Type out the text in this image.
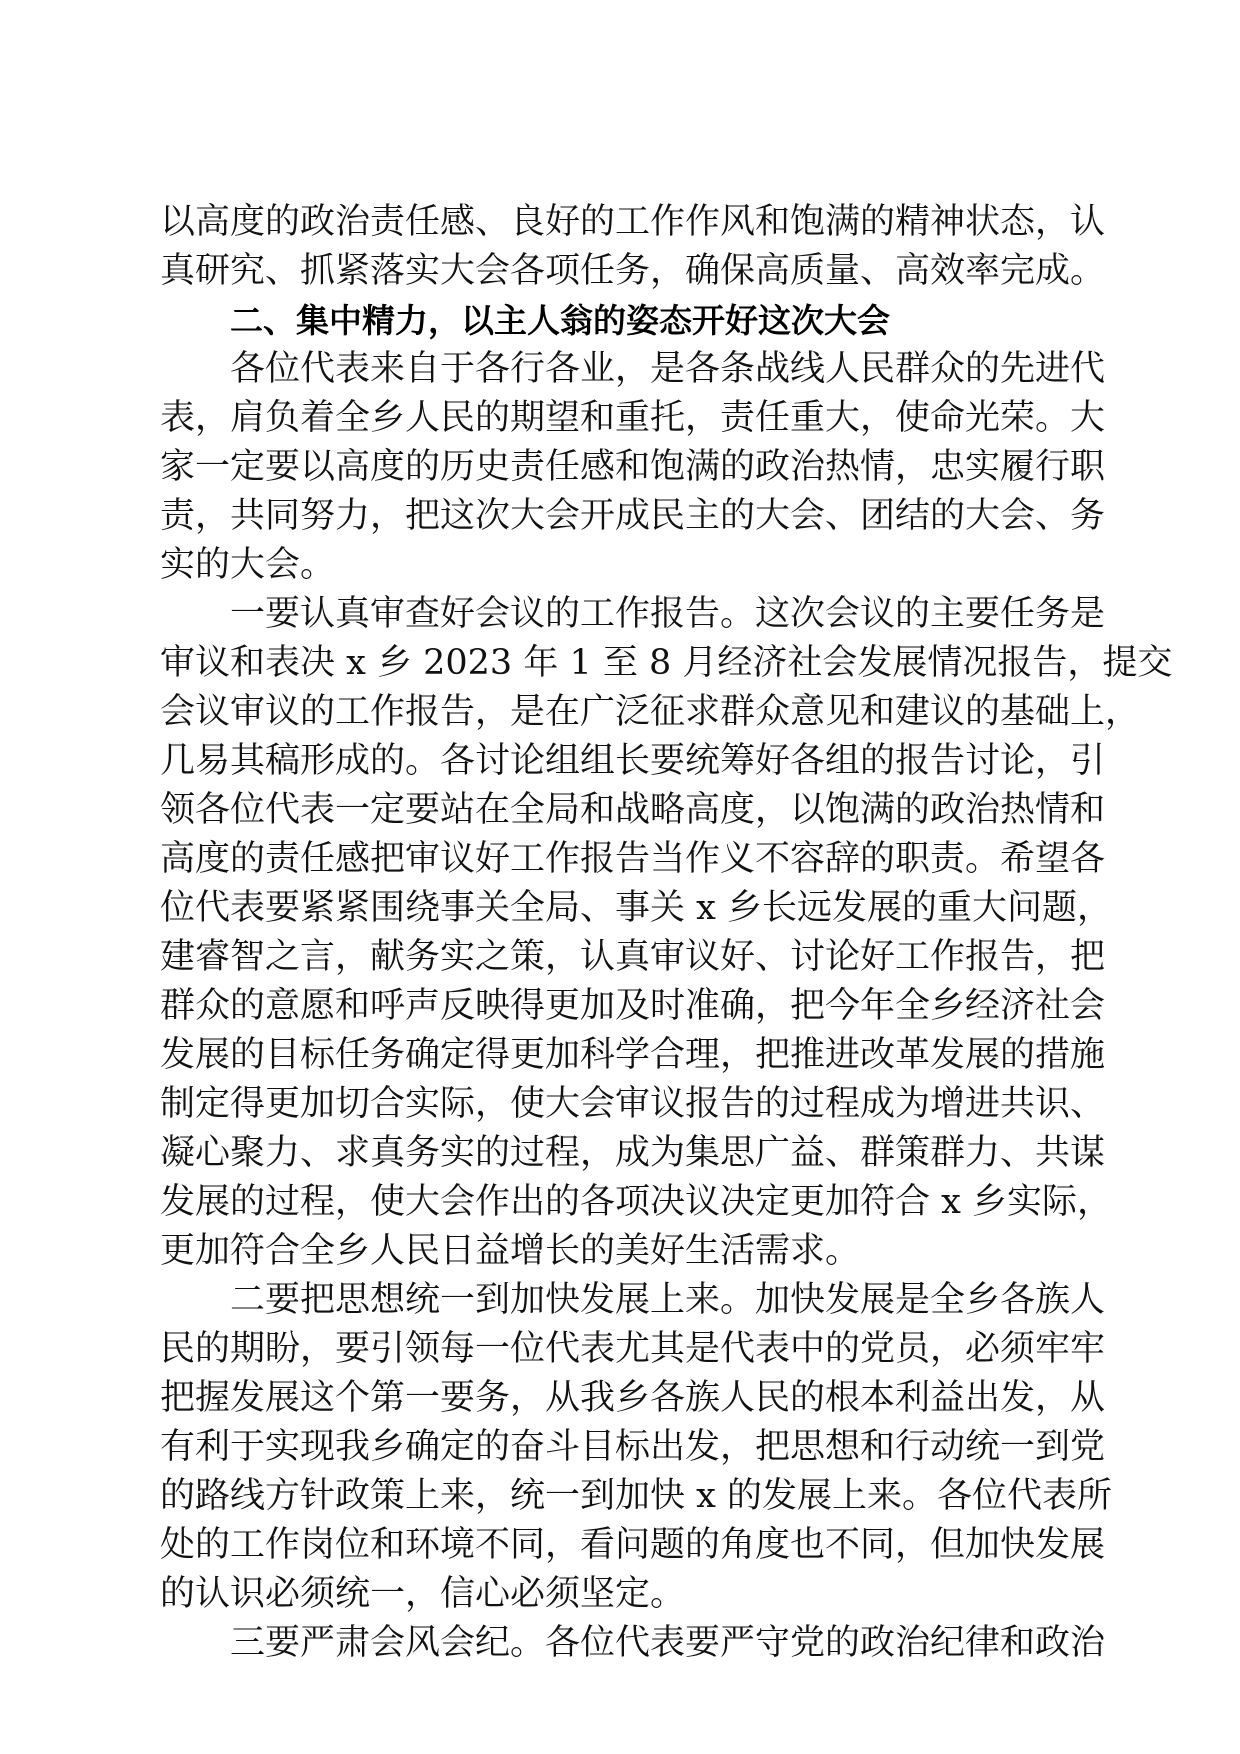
以高度的政治责任感、良好的工作作风和饱满的精神状态，认
真研究、抓紧落实大会各项任务，确保高质量、高效率完成。
二、集中精力，以主人翁的姿态开好这次大会
各位代表来自于各行各业，是各条战线人民群众的先进代
表，肩负着全乡人民的期望和重托，责任重大，使命光荣。大
家一定要以高度的历史责任感和饱满的政治热情，忠实履行职
责，共同努力，把这次大会开成民主的大会、团结的大会、务
实的大会。
一要认真审查好会议的工作报告。这次会议的主要任务是
审议和表决 x 乡 2023 年 1 至 8 月经济社会发展情况报告，提交
会议审议的工作报告，是在广泛征求群众意见和建议的基础上，
几易其稿形成的。各讨论组组长要统筹好各组的报告讨论，引
领各位代表一定要站在全局和战略高度，以饱满的政治热情和
高度的责任感把审议好工作报告当作义不容辞的职责。希望各
位代表要紧紧围绕事关全局、事关 x 乡长远发展的重大问题，
建睿智之言，献务实之策，认真审议好、讨论好工作报告，把
群众的意愿和呼声反映得更加及时准确，把今年全乡经济社会
发展的目标任务确定得更加科学合理，把推进改革发展的措施
制定得更加切合实际，使大会审议报告的过程成为增进共识、
凝心聚力、求真务实的过程，成为集思广益、群策群力、共谋
发展的过程，使大会作出的各项决议决定更加符合 x 乡实际，
更加符合全乡人民日益增长的美好生活需求。
二要把思想统一到加快发展上来。加快发展是全乡各族人
民的期盼，要引领每一位代表尤其是代表中的党员，必须牢牢
把握发展这个第一要务，从我乡各族人民的根本利益出发，从
有利于实现我乡确定的奋斗目标出发，把思想和行动统一到党
的路线方针政策上来，统一到加快 x 的发展上来。各位代表所
处的工作岗位和环境不同，看问题的角度也不同，但加快发展
的认识必须统一，信心必须坚定。
三要严肃会风会纪。各位代表要严守党的政治纪律和政治
